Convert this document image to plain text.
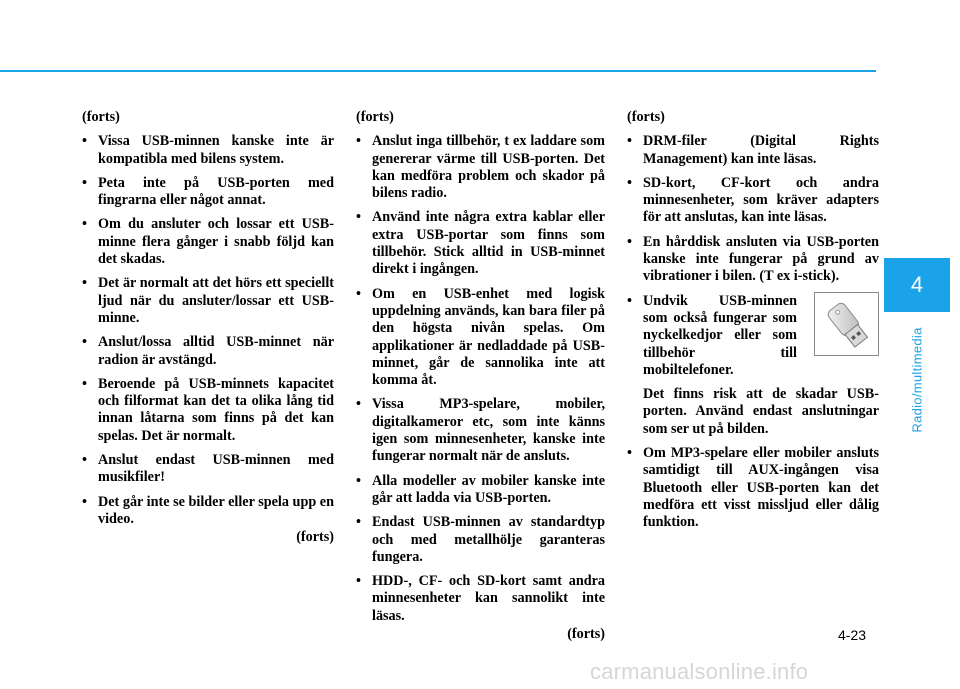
(forts)
• Vissa USB-minnen kanske inte är kompatibla med bilens system.
• Peta inte på USB-porten med fingrarna eller något annat.
• Om du ansluter och lossar ett USB-minne flera gånger i snabb följd kan det skadas.
• Det är normalt att det hörs ett speciellt ljud när du ansluter/lossar ett USB-minne.
• Anslut/lossa alltid USB-minnet när radion är avstängd.
• Beroende på USB-minnets kapacitet och filformat kan det ta olika lång tid innan låtarna som finns på det kan spelas. Det är normalt.
• Anslut endast USB-minnen med musikfiler!
• Det går inte se bilder eller spela upp en video.
(forts)
(forts)
• Anslut inga tillbehör, t ex laddare som genererar värme till USB-porten. Det kan medföra problem och skador på bilens radio.
• Använd inte några extra kablar eller extra USB-portar som finns som tillbehör. Stick alltid in USB-minnet direkt i ingången.
• Om en USB-enhet med logisk uppdelning används, kan bara filer på den högsta nivån spelas. Om applikationer är nedladdade på USB-minnet, går de sannolika inte att komma åt.
• Vissa MP3-spelare, mobiler, digitalkameror etc, som inte känns igen som minnesenheter, kanske inte fungerar normalt när de ansluts.
• Alla modeller av mobiler kanske inte går att ladda via USB-porten.
• Endast USB-minnen av standardtyp och med metallhölje garanteras fungera.
• HDD-, CF- och SD-kort samt andra minnesenheter kan sannolikt inte läsas.
(forts)
(forts)
• DRM-filer (Digital Rights Management) kan inte läsas.
• SD-kort, CF-kort och andra minnesenheter, som kräver adapters för att anslutas, kan inte läsas.
• En hårddisk ansluten via USB-porten kanske inte fungerar på grund av vibrationer i bilen. (T ex i-stick).
• Undvik USB-minnen som också fungerar som nyckelkedjor eller som tillbehör till mobiltelefoner.
Det finns risk att de skadar USB-porten. Använd endast anslutningar som ser ut på bilden.
• Om MP3-spelare eller mobiler ansluts samtidigt till AUX-ingången visa Bluetooth eller USB-porten kan det medföra ett visst missljud eller dålig funktion.
4
Radio/multimedia
4-23
carmanualsonline.info
